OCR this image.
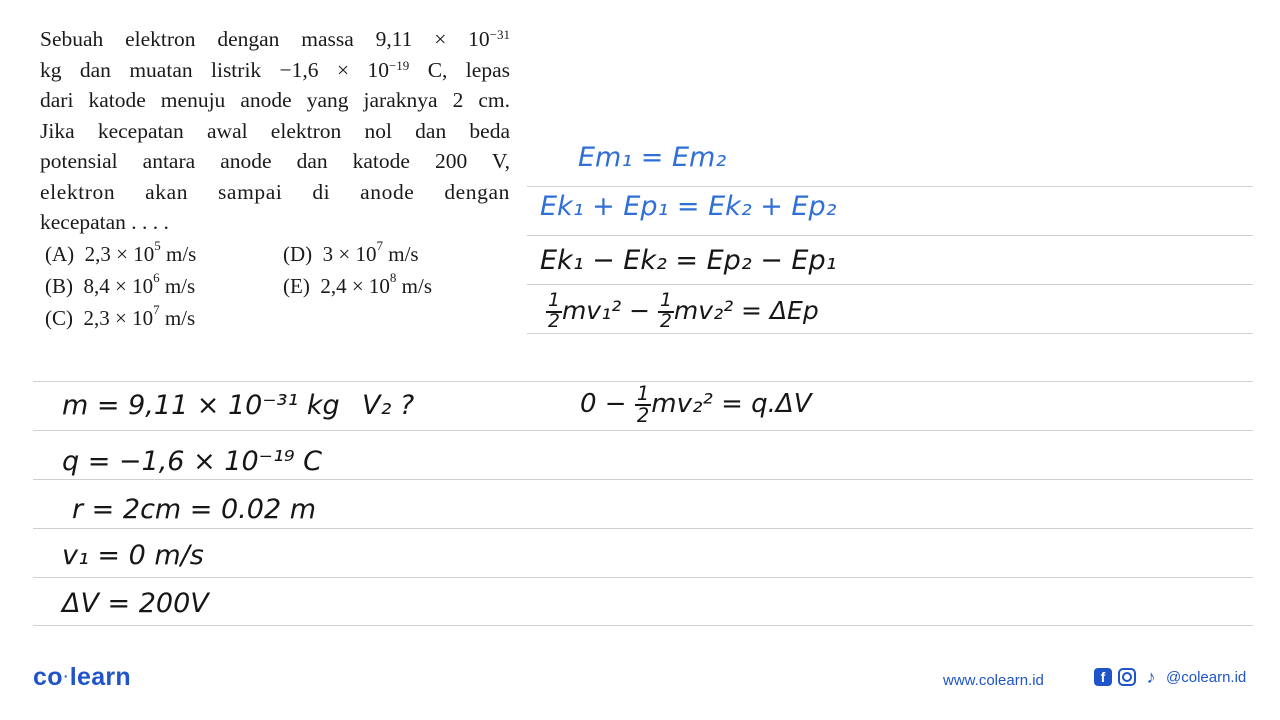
Sebuah elektron dengan massa $9,11 \times 10^{-31}$

kg dan muatan listrik $-1,6 \times 10^{-19}$ C, lepas

dari katode menuju anode yang jaraknya 2 cm.

Jika kecepatan awal elektron nol dan beda

potensial antara anode dan katode 200 V,

elektron akan sampai di anode dengan

kecepatan . . . .

(A) $2,3 \times 10^5$ m/s
(B) $8,4 \times 10^6$ m/s
(C) $2,3 \times 10^7$ m/s
(D) $3 \times 10^7$ m/s
(E) $2,4 \times 10^8$ m/s
Em₁ = Em₂
Ek₁ + Ep₁ = Ek₂ + Ep₂
Ek₁ − Ek₂ = Ep₂ − Ep₁
$\frac{1}{2} mv_1^2 - \frac{1}{2} mv_2^2 = \Delta Ep$
$0 - \frac{1}{2} mv_2^2 = q.\Delta V$
m = 9,11 × 10⁻³¹ kg V₂ ?
q = −1,6 × 10⁻¹⁹ C
r = 2cm = 0.02 m
v₁ = 0 m/s
ΔV = 200V
co·learn	www.colearn.id	f	♪ @colearn.id
